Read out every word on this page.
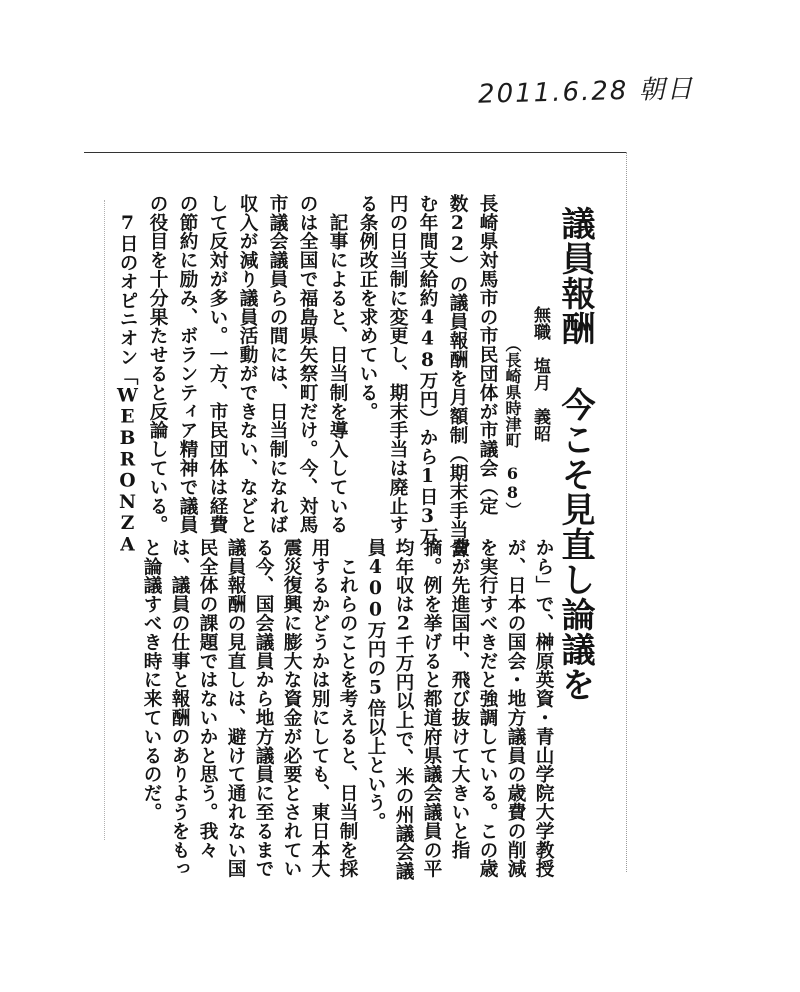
2011.6.28 朝日
議員報酬 今こそ見直し論議を
無職　塩月　義昭
（長崎県時津町　68）
長崎県対馬市の市民団体が市議会（定
数22）の議員報酬を月額制（期末手当含
む年間支給約448万円）から1日3万
円の日当制に変更し、期末手当は廃止す
る条例改正を求めている。
　記事によると、日当制を導入している
のは全国で福島県矢祭町だけ。今、対馬
市議会議員らの間には、日当制になれば
収入が減り議員活動ができない、などと
して反対が多い。一方、市民団体は経費
の節約に励み、ボランティア精神で議員
の役目を十分果たせると反論している。
　7日のオピニオン「WEBRONZA
から」で、榊原英資・青山学院大学教授
が、日本の国会・地方議員の歳費の削減
を実行すべきだと強調している。この歳
費が先進国中、飛び抜けて大きいと指
摘。例を挙げると都道府県議会議員の平
均年収は2千万円以上で、米の州議会議
員400万円の5倍以上という。
　これらのことを考えると、日当制を採
用するかどうかは別にしても、東日本大
震災復興に膨大な資金が必要とされてい
る今、国会議員から地方議員に至るまで
議員報酬の見直しは、避けて通れない国
民全体の課題ではないかと思う。我々
は、議員の仕事と報酬のありようをもっ
と論議すべき時に来ているのだ。
